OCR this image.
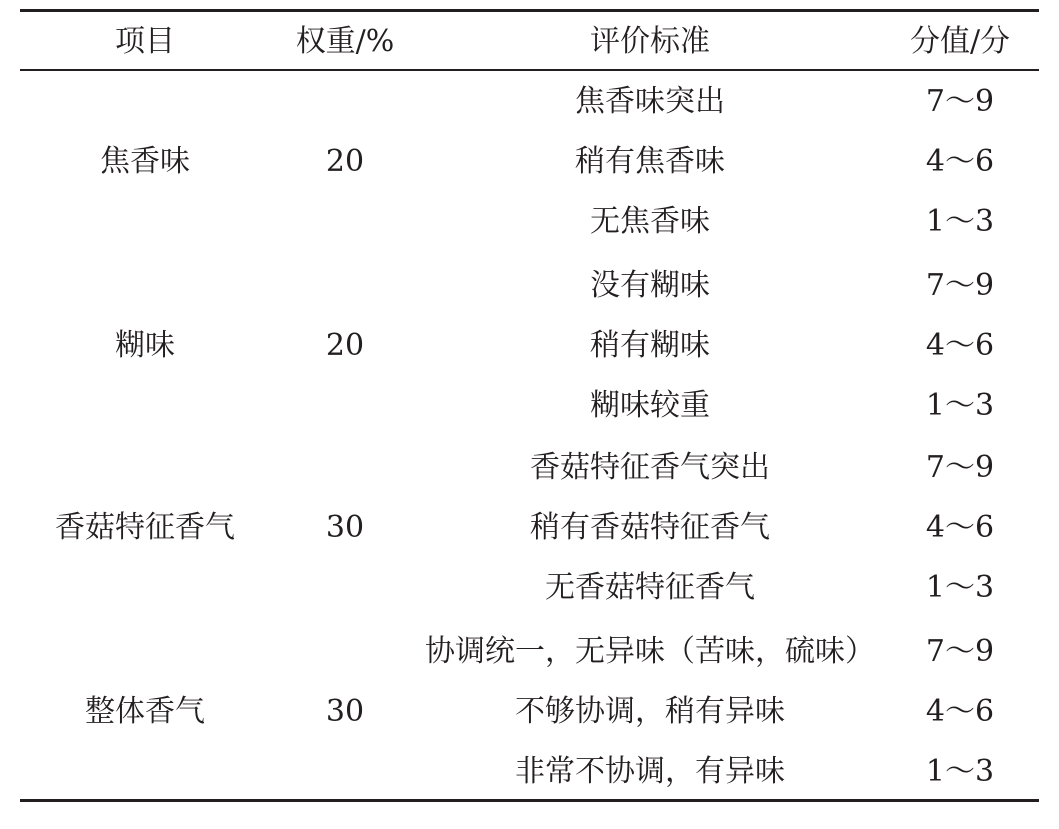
项目	权重/%	评价标准	分值/分
焦香味	20
焦香味突出	7～9
稍有焦香味	4～6
无焦香味	1～3
糊味	20
没有糊味	7～9
稍有糊味	4～6
糊味较重	1～3
香菇特征香气	30
香菇特征香气突出	7～9
稍有香菇特征香气	4～6
无香菇特征香气	1～3
整体香气	30
协调统一，无异味（苦味，硫味） 7～9
不够协调，稍有异味	4～6
非常不协调，有异味	1～3
